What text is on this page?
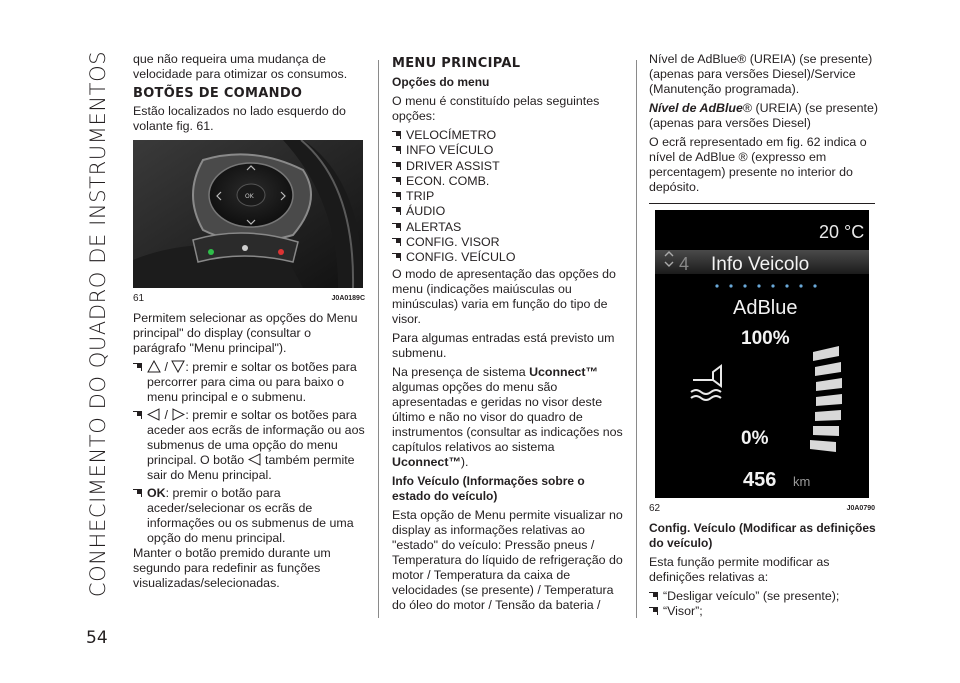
CONHECIMENTO DO QUADRO DE INSTRUMENTOS
54

que não requeira uma mudança de velocidade para otimizar os consumos.

BOTÕES DE COMANDO

Estão localizados no lado esquerdo do volante fig. 61.

OK
61	J0A0189C

Permitem selecionar as opções do Menu principal" do display (consultar o parágrafo "Menu principal").

/ : premir e soltar os botões para percorrer para cima ou para baixo o menu principal e o submenu.
/ : premir e soltar os botões para aceder aos ecrãs de informação ou aos submenus de uma opção do menu principal. O botão  também permite sair do Menu principal.
OK: premir o botão para aceder/selecionar os ecrãs de informações ou os submenus de uma opção do menu principal.

Manter o botão premido durante um segundo para redefinir as funções visualizadas/selecionadas.

MENU PRINCIPAL
Opções do menu

O menu é constituído pelas seguintes opções:

VELOCÍMETRO
INFO VEÍCULO
DRIVER ASSIST
ECON. COMB.
TRIP
ÁUDIO
ALERTAS
CONFIG. VISOR
CONFIG. VEÍCULO

O modo de apresentação das opções do menu (indicações maiúsculas ou minúsculas) varia em função do tipo de visor.

Para algumas entradas está previsto um submenu.

Na presença de sistema Uconnect™ algumas opções do menu são apresentadas e geridas no visor deste último e não no visor do quadro de instrumentos (consultar as indicações nos capítulos relativos ao sistema Uconnect™).

Info Veículo (Informações sobre o estado do veículo)

Esta opção de Menu permite visualizar no display as informações relativas ao "estado" do veículo: Pressão pneus / Temperatura do líquido de refrigeração do motor / Temperatura da caixa de velocidades (se presente) / Temperatura do óleo do motor / Tensão da bateria /

Nível de AdBlue® (UREIA) (se presente) (apenas para versões Diesel)/Service (Manutenção programada).

Nível de AdBlue® (UREIA) (se presente) (apenas para versões Diesel)

O ecrã representado em fig. 62 indica o nível de AdBlue ® (expresso em percentagem) presente no interior do depósito.

20 °C
4 Info Veicolo
AdBlue
100%
0%
456 km
62	J0A0790
Config. Veículo (Modificar as definições do veículo)

Esta função permite modificar as definições relativas a:

“Desligar veículo” (se presente);
“Visor”;
